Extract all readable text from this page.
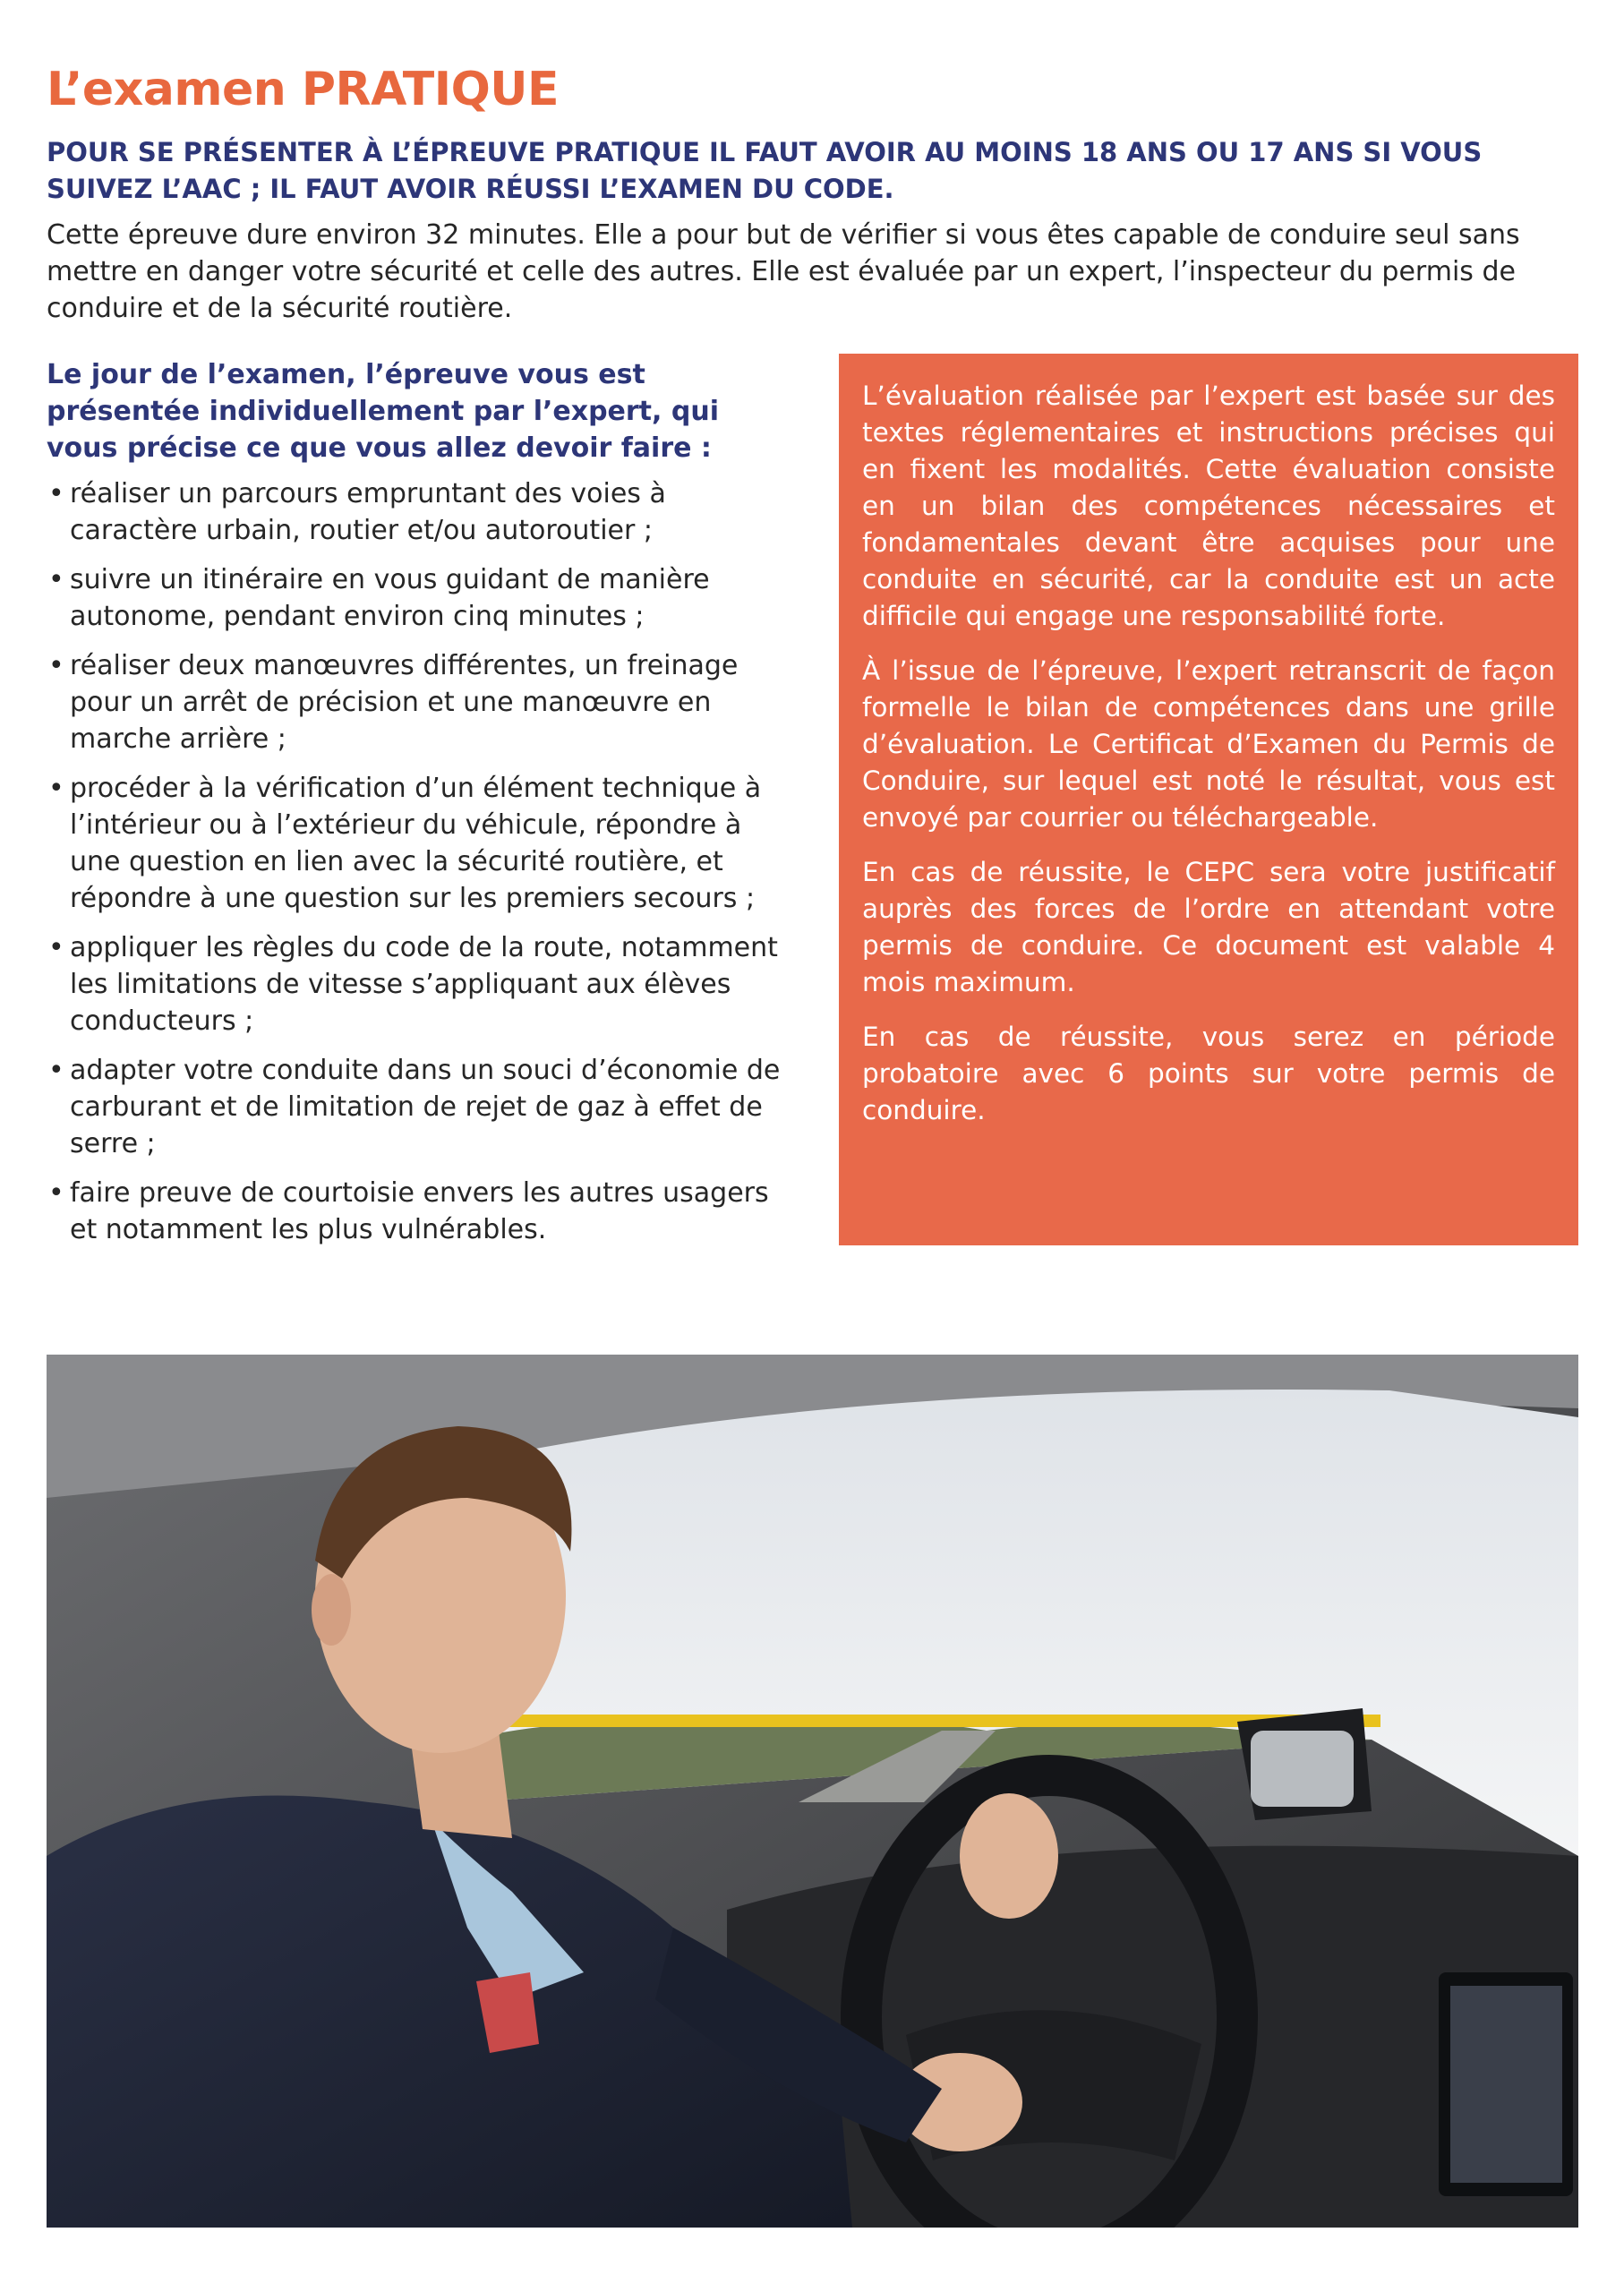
L’examen PRATIQUE

POUR SE PRÉSENTER À L’ÉPREUVE PRATIQUE IL FAUT AVOIR AU MOINS 18 ANS OU 17 ANS SI VOUS SUIVEZ L’AAC ; IL FAUT AVOIR RÉUSSI L’EXAMEN DU CODE.

Cette épreuve dure environ 32 minutes. Elle a pour but de vérifier si vous êtes capable de conduire seul sans mettre en danger votre sécurité et celle des autres. Elle est évaluée par un expert, l’inspecteur du permis de conduire et de la sécurité routière.

Le jour de l’examen, l’épreuve vous est présentée individuellement par l’expert, qui vous précise ce que vous allez devoir faire :

• réaliser un parcours empruntant des voies à caractère urbain, routier et/ou autoroutier ;
• suivre un itinéraire en vous guidant de manière autonome, pendant environ cinq minutes ;
• réaliser deux manœuvres différentes, un freinage pour un arrêt de précision et une manœuvre en marche arrière ;
• procéder à la vérification d’un élément technique à l’intérieur ou à l’extérieur du véhicule, répondre à une question en lien avec la sécurité routière, et répondre à une question sur les premiers secours ;
• appliquer les règles du code de la route, notamment les limitations de vitesse s’appliquant aux élèves conducteurs ;
• adapter votre conduite dans un souci d’économie de carburant et de limitation de rejet de gaz à effet de serre ;
• faire preuve de courtoisie envers les autres usagers et notamment les plus vulnérables.

L’évaluation réalisée par l’expert est basée sur des textes réglementaires et instructions précises qui en fixent les modalités. Cette évaluation consiste en un bilan des compétences nécessaires et fondamentales devant être acquises pour une conduite en sécurité, car la conduite est un acte difficile qui engage une responsabilité forte.

À l’issue de l’épreuve, l’expert retranscrit de façon formelle le bilan de compétences dans une grille d’évaluation. Le Certificat d’Examen du Permis de Conduire, sur lequel est noté le résultat, vous est envoyé par courrier ou téléchargeable.

En cas de réussite, le CEPC sera votre justificatif auprès des forces de l’ordre en attendant votre permis de conduire. Ce document est valable 4 mois maximum.

En cas de réussite, vous serez en période probatoire avec 6 points sur votre permis de conduire.
